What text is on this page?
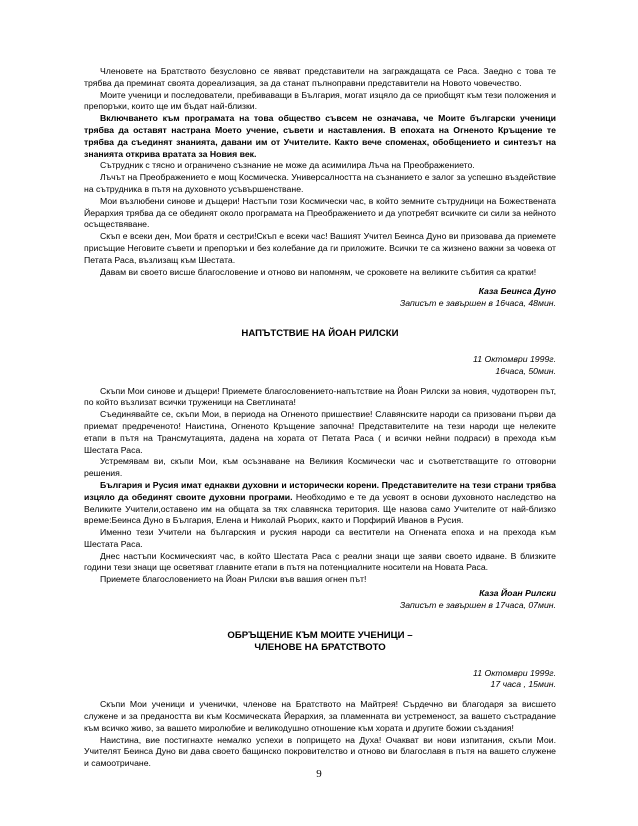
Членовете на Братството безусловно се явяват представители на заграждащата се Раса. Заедно с това те трябва да преминат своята дореализация, за да станат пълноправни представители на Новото човечество.

Моите ученици и последователи, пребиваващи в България, могат изцяло да се приобщят към тези положения и препоръки, които ще им бъдат най-близки.

Включването към програмата на това общество съвсем не означава, че Моите български ученици трябва да оставят настрана Моето учение, съвети и наставления. В епохата на Огненото Кръщение те трябва да съединят знанията, давани им от Учителите. Както вече споменах, обобщението и синтезът на знанията открива вратата за Новия век.

Сътрудник с тясно и ограничено съзнание не може да асимилира Лъча на Преображението.

Лъчът на Преображението е мощ Космическа. Универсалността на съзнанието е залог за успешно въздействие на сътрудника в пътя на духовното усъвършенстване.

Мои възлюбени синове и дъщери! Настъпи този Космически час, в който земните сътрудници на Божествената Йерархия трябва да се обединят около програмата на Преображението и да употребят всичките си сили за нейното осъществяване.

Скъп е всеки ден, Мои братя и сестри!Скъп е всеки час! Вашият Учител Беинса Дуно ви призовава да приемете присъщие Неговите съвети и препоръки и без колебание да ги приложите. Всички те са жизнено важни за човека от Петата Раса, възлизащ към Шестата.

Давам ви своето висше благословение и отново ви напомням, че сроковете на великите събития са кратки!

Каза Беинса Дуно
Записът е завършен в 16часа, 48мин.
НАПЪТСТВИЕ НА ЙОАН РИЛСКИ
11 Октомври 1999г.
16часа, 50мин.

Скъпи Мои синове и дъщери! Приемете благословението-напътствие на Йоан Рилски за новия, чудотворен път, по който възлизат всички труженици на Светлината!

Съединявайте се, скъпи Мои, в периода на Огненото пришествие! Славянските народи са призовани първи да приемат предреченото! Наистина, Огненото Кръщение започна! Представителите на тези народи ще нелеките етапи в пътя на Трансмутацията, дадена на хората от Петата Раса ( и всички нейни подраси) в прехода към Шестата Раса.

Устремявам ви, скъпи Мои, към осъзнаване на Великия Космически час и съответстващите го отговорни решения.

България и Русия имат еднакви духовни и исторически корени. Представителите на тези страни трябва изцяло да обединят своите духовни програми. Необходимо е те да усвоят в основи духовното наследство на Великите Учители,оставено им на общата за тях славянска територия. Ще назова само Учителите от най-близко време:Беинса Дуно в България, Елена и Николай Рьорих, както и Порфирий Иванов в Русия.

Именно тези Учители на българския и руския народи са вестители на Огнената епоха и на прехода към Шестата Раса.

Днес настъпи Космическият час, в който Шестата Раса с реални знаци ще заяви своето идване. В близките години тези знаци ще осветяват главните етапи в пътя на потенциалните носители на Новата Раса.

Приемете благословението на Йоан Рилски във вашия огнен път!

Каза Йоан Рилски
Записът е завършен в 17часа, 07мин.
ОБРЪЩЕНИЕ КЪМ МОИТЕ УЧЕНИЦИ –
ЧЛЕНОВЕ НА БРАТСТВОТО
11 Октомври 1999г.
17 часа , 15мин.

Скъпи Мои ученици и ученички, членове на Братството на Майтрея! Сърдечно ви благодаря за висшето служене и за предаността ви към Космическата Йерархия, за пламенната ви устременост, за вашето състрадание към всичко живо, за вашето миролюбие и великодушно отношение към хората и другите божии създания!

Наистина, вие постигнахте немалко успехи в попрището на Духа! Очакват ви нови изпитания, скъпи Мои. Учителят Беинса Дуно ви дава своето бащинско покровителство и отново ви благославя в пътя на вашето служене и самоотричане.

9
